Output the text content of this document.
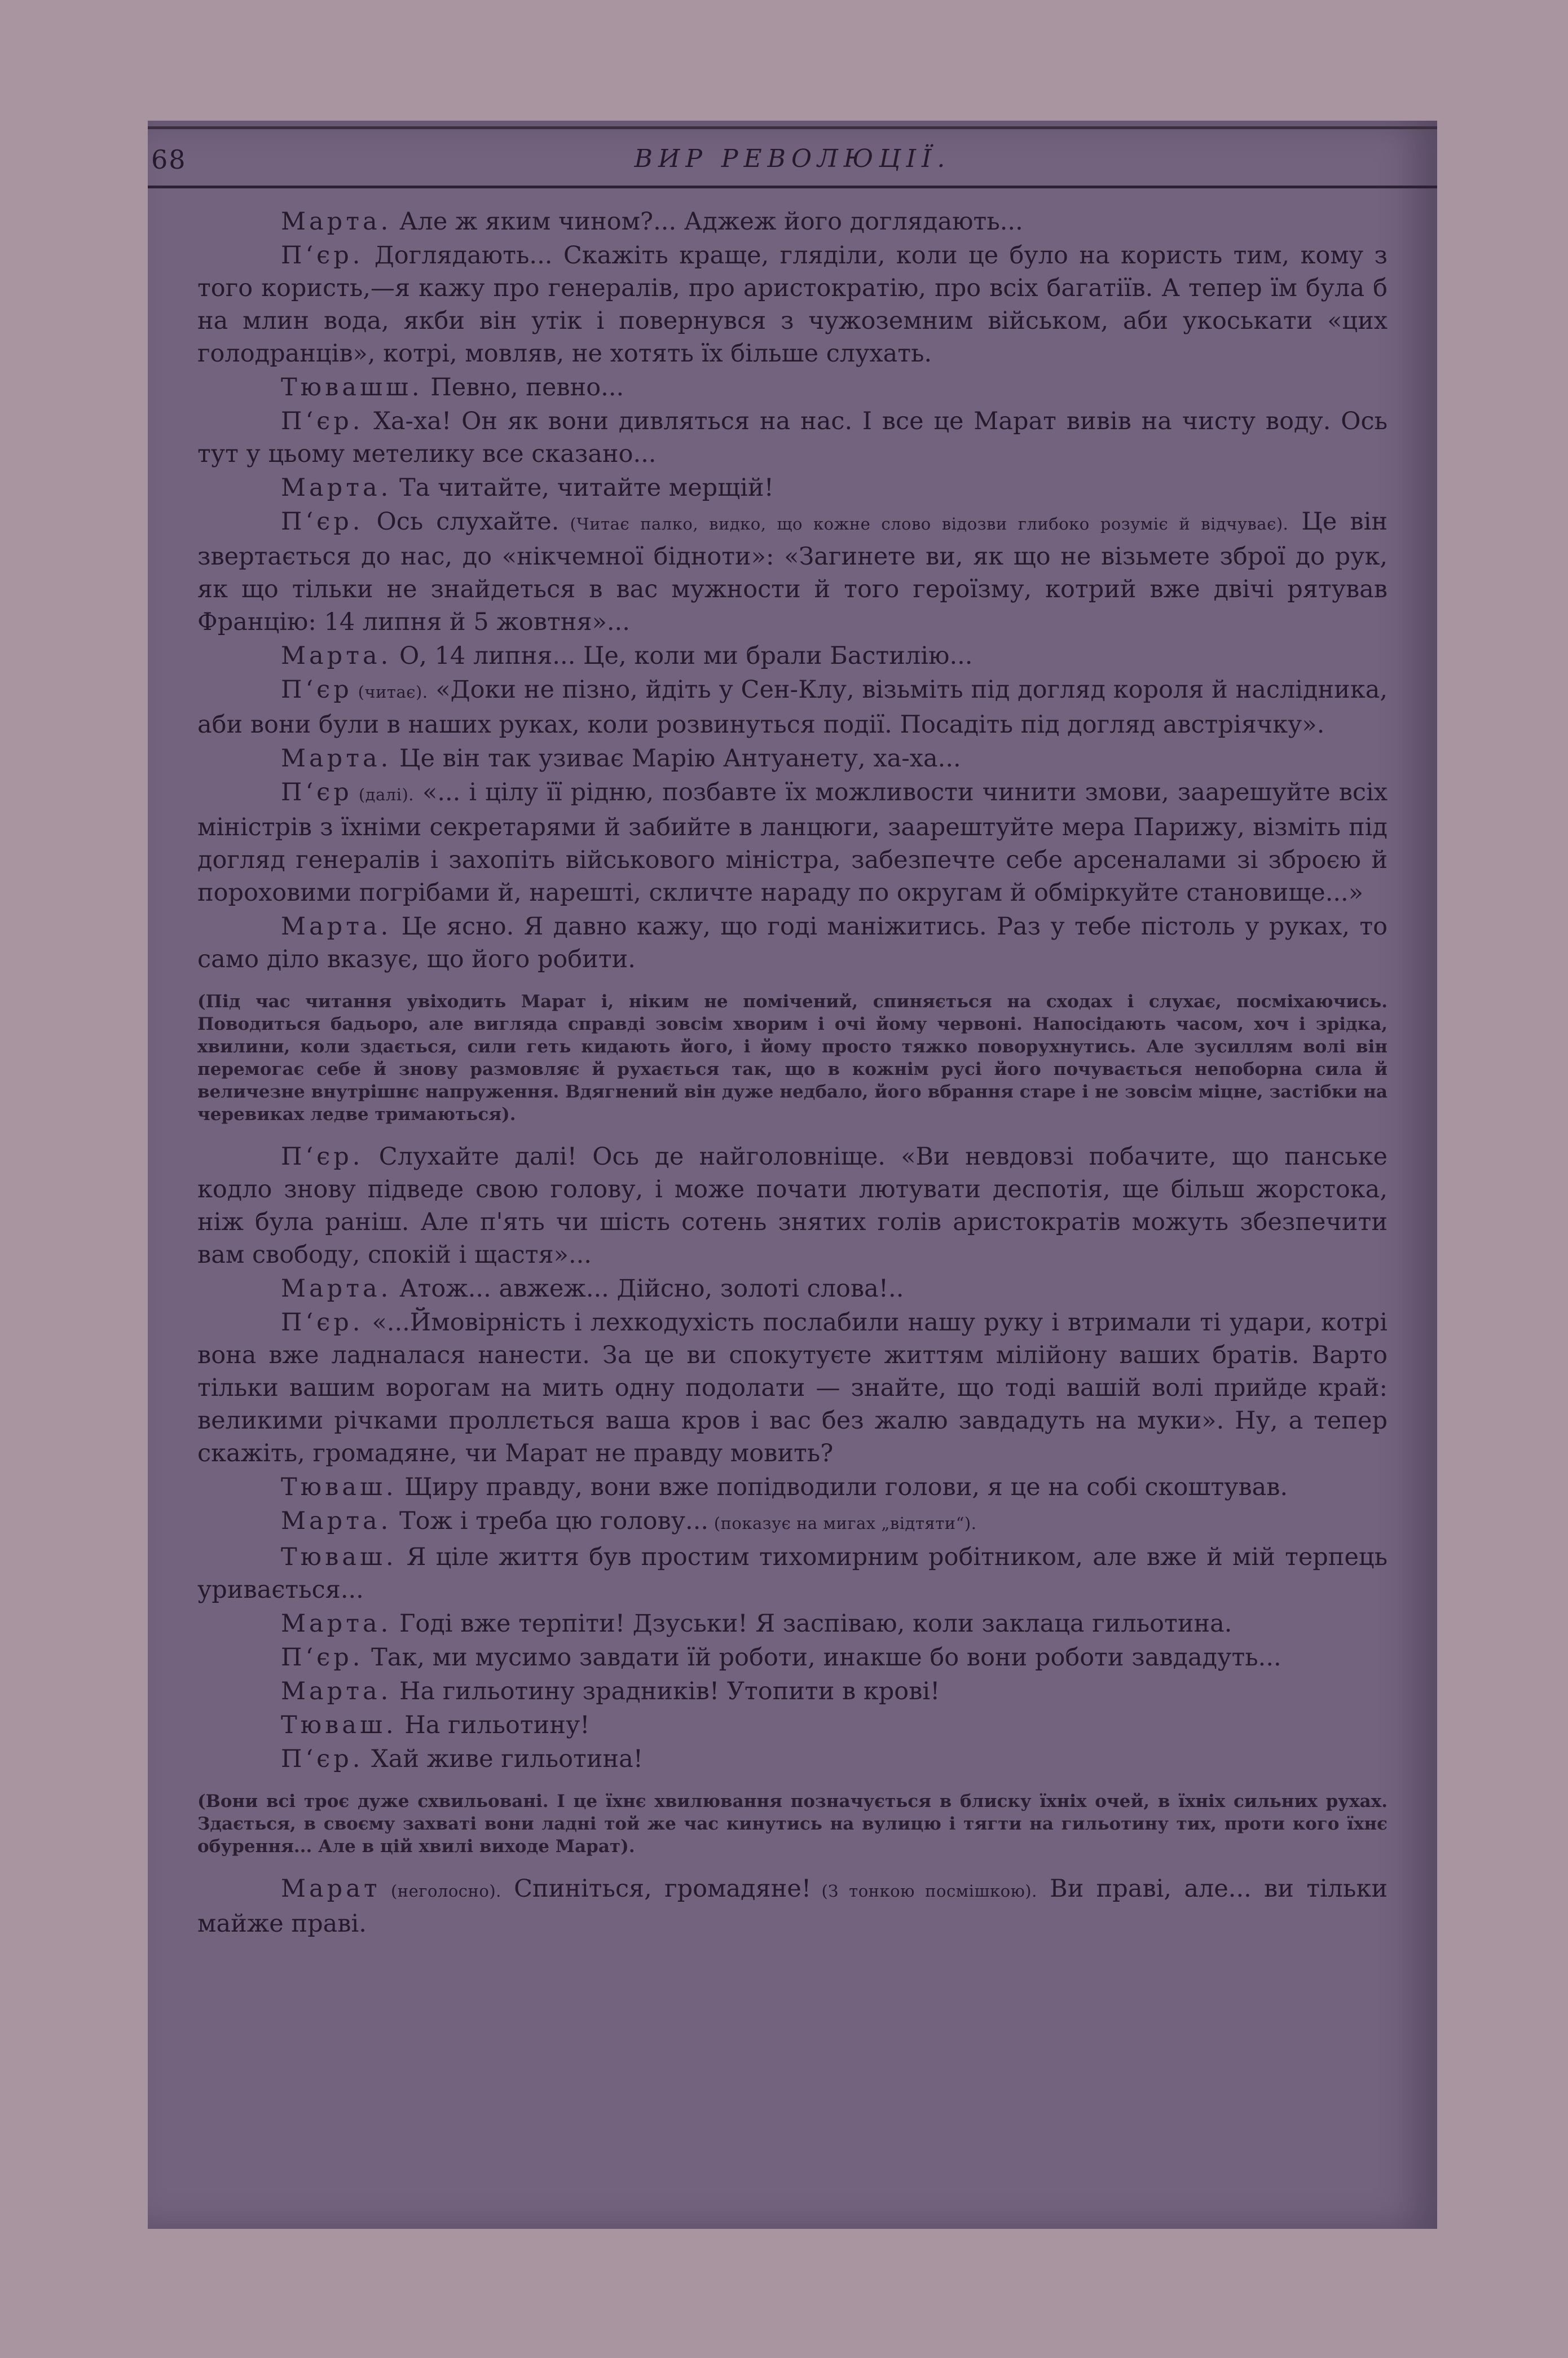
68	ВИР РЕВОЛЮЦІЇ.

Марта. Але ж яким чином?... Аджеж його доглядають...

П‘єр. Доглядають... Скажіть краще, гляділи, коли це було на користь тим, кому з того користь,—я кажу про генералів, про аристократію, про всіх багатіїв. А тепер їм була б на млин вода, якби він утік і повернувся з чужоземним військом, аби укоськати «цих голодранців», котрі, мовляв, не хотять їх більше слухать.

Тювашш. Певно, певно...

П‘єр. Ха-ха! Он як вони дивляться на нас. І все це Марат вивів на чисту воду. Ось тут у цьому метелику все сказано...

Марта. Та читайте, читайте мерщій!

П‘єр. Ось слухайте. (Читає палко, видко, що кожне слово відозви глибоко розуміє й відчуває). Це він звертається до нас, до «нікчемної бідноти»: «Загинете ви, як що не візьмете зброї до рук, як що тільки не знайдеться в вас мужности й того героїзму, котрий вже двічі рятував Францію: 14 липня й 5 жовтня»...

Марта. О, 14 липня... Це, коли ми брали Бастилію...

П‘єр (читає). «Доки не пізно, йдіть у Сен-Клу, візьміть під догляд короля й наслідника, аби вони були в наших руках, коли розвинуться події. Посадіть під догляд австріячку».

Марта. Це він так узиває Марію Антуанету, ха-ха...

П‘єр (далі). «... і цілу її рідню, позбавте їх можливости чинити змови, заарешуйте всіх міністрів з їхніми секретарями й забийте в ланцюги, заарештуйте мера Парижу, візміть під догляд генералів і захопіть військового міністра, забезпечте себе арсеналами зі зброєю й пороховими погрібами й, нарешті, скличте нараду по округам й обміркуйте становище...»

Марта. Це ясно. Я давно кажу, що годі маніжитись. Раз у тебе пістоль у руках, то само діло вказує, що його робити.

(Під час читання увіходить Марат і, ніким не помічений, спиняється на сходах і слухає, посміхаючись. Поводиться бадьоро, але вигляда справді зовсім хворим і очі йому червоні. Напосідають часом, хоч і зрідка, хвилини, коли здається, сили геть кидають його, і йому просто тяжко поворухнутись. Але зусиллям волі він перемогає себе й знову размовляє й рухається так, що в кожнім русі його почувається непоборна сила й величезне внутрішнє напруження. Вдягнений він дуже недбало, його вбрання старе і не зовсім міцне, застібки на черевиках ледве тримаються).

П‘єр. Слухайте далі! Ось де найголовніще. «Ви невдовзі побачите, що панське кодло знову підведе свою голову, і може почати лютувати деспотія, ще більш жорстока, ніж була раніш. Але п'ять чи шість сотень знятих голів аристократів можуть збезпечити вам свободу, спокій і щастя»...

Марта. Атож... авжеж... Дійсно, золоті слова!..

П‘єр. «...Ймовірність і лехкодухість послабили нашу руку і втримали ті удари, котрі вона вже ладналася нанести. За це ви спокутуєте життям мілійону ваших братів. Варто тільки вашим ворогам на мить одну подолати — знайте, що тоді вашій волі прийде край: великими річками проллється ваша кров і вас без жалю завдадуть на муки». Ну, а тепер скажіть, громадяне, чи Марат не правду мовить?

Тюваш. Щиру правду, вони вже попідводили голови, я це на собі скоштував.

Марта. Тож і треба цю голову... (показує на мигах „відтяти“).

Тюваш. Я ціле життя був простим тихомирним робітником, але вже й мій терпець уривається...

Марта. Годі вже терпіти! Дзуськи! Я заспіваю, коли заклаца гильотина.

П‘єр. Так, ми мусимо завдати їй роботи, инакше бо вони роботи завдадуть...

Марта. На гильотину зрадників! Утопити в крові!

Тюваш. На гильотину!

П‘єр. Хай живе гильотина!

(Вони всі троє дуже схвильовані. І це їхнє хвилювання позначується в блиску їхніх очей, в їхніх сильних рухах. Здається, в своєму захваті вони ладні той же час кинутись на вулицю і тягти на гильотину тих, проти кого їхнє обурення... Але в цій хвилі виходе Марат).

Марат (неголосно). Спиніться, громадяне! (З тонкою посмішкою). Ви праві, але... ви тільки майже праві.
